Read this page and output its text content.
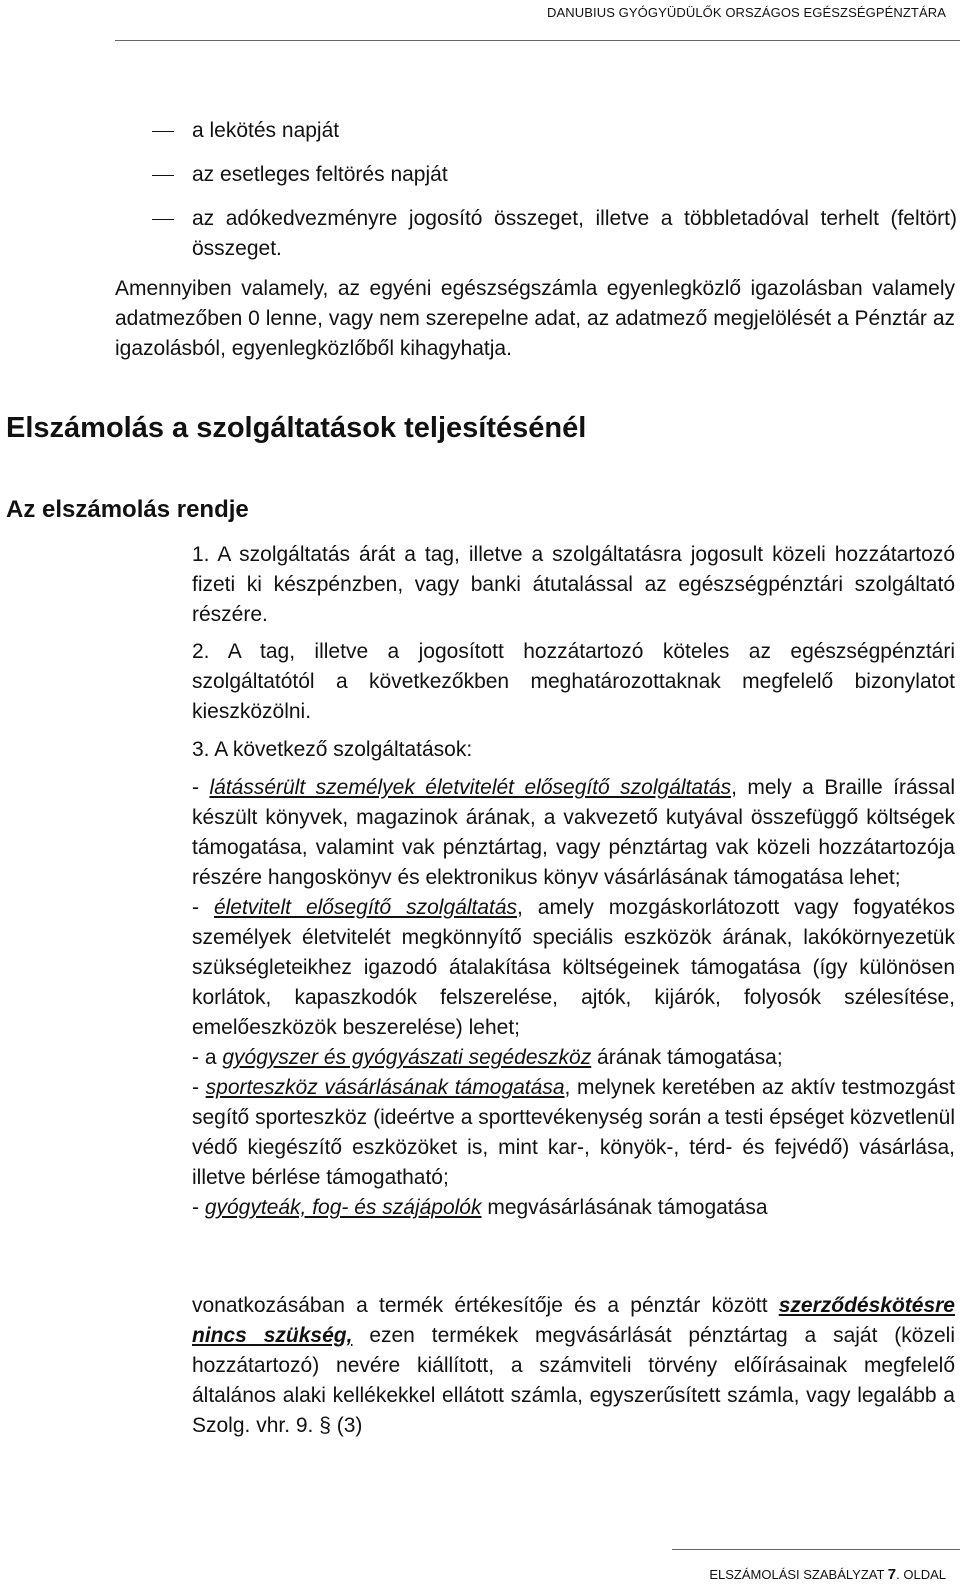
DANUBIUS GYÓGYÜDÜLŐK ORSZÁGOS EGÉSZSÉGPÉNZTÁRA
a lekötés napját
az esetleges feltörés napját
az adókedvezményre jogosító összeget, illetve a többletadóval terhelt (feltört) összeget.
Amennyiben valamely, az egyéni egészségszámla egyenlegközlő igazolásban valamely adatmezőben 0 lenne, vagy nem szerepelne adat, az adatmező megjelölését a Pénztár az igazolásból, egyenlegközlőből kihagyhatja.
Elszámolás a szolgáltatások teljesítésénél
Az elszámolás rendje
1. A szolgáltatás árát a tag, illetve a szolgáltatásra jogosult közeli hozzátartozó fizeti ki készpénzben, vagy banki átutalással az egészségpénztári szolgáltató részére.
2. A tag, illetve a jogosított hozzátartozó köteles az egészségpénztári szolgáltatótól a következőkben meghatározottaknak megfelelő bizonylatot kieszközölni.
3. A következő szolgáltatások:

- látássérült személyek életvitelét elősegítő szolgáltatás, mely a Braille írással készült könyvek, magazinok árának, a vakvezető kutyával összefüggő költségek támogatása, valamint vak pénztártag, vagy pénztártag vak közeli hozzátartozója részére hangoskönyv és elektronikus könyv vásárlásának támogatása lehet;

- életvitelt elősegítő szolgáltatás, amely mozgáskorlátozott vagy fogyatékos személyek életvitelét megkönnyítő speciális eszközök árának, lakókörnyezetük szükségleteikhez igazodó átalakítása költségeinek támogatása (így különösen korlátok, kapaszkodók felszerelése, ajtók, kijárók, folyosók szélesítése, emelőeszközök beszerelése) lehet;

- a gyógyszer és gyógyászati segédeszköz árának támogatása;

- sporteszköz vásárlásának támogatása, melynek keretében az aktív testmozgást segítő sporteszköz (ideértve a sporttevékenység során a testi épséget közvetlenül védő kiegészítő eszközöket is, mint kar-, könyök-, térd- és fejvédő) vásárlása, illetve bérlése támogatható;

- gyógyteák, fog- és szájápolók megvásárlásának támogatása

vonatkozásában a termék értékesítője és a pénztár között szerződéskötésre nincs szükség, ezen termékek megvásárlását pénztártag a saját (közeli hozzátartozó) nevére kiállított, a számviteli törvény előírásainak megfelelő általános alaki kellékekkel ellátott számla, egyszerűsített számla, vagy legalább a Szolg. vhr. 9. § (3)
ELSZÁMOLÁSI SZABÁLYZAT 7. OLDAL
